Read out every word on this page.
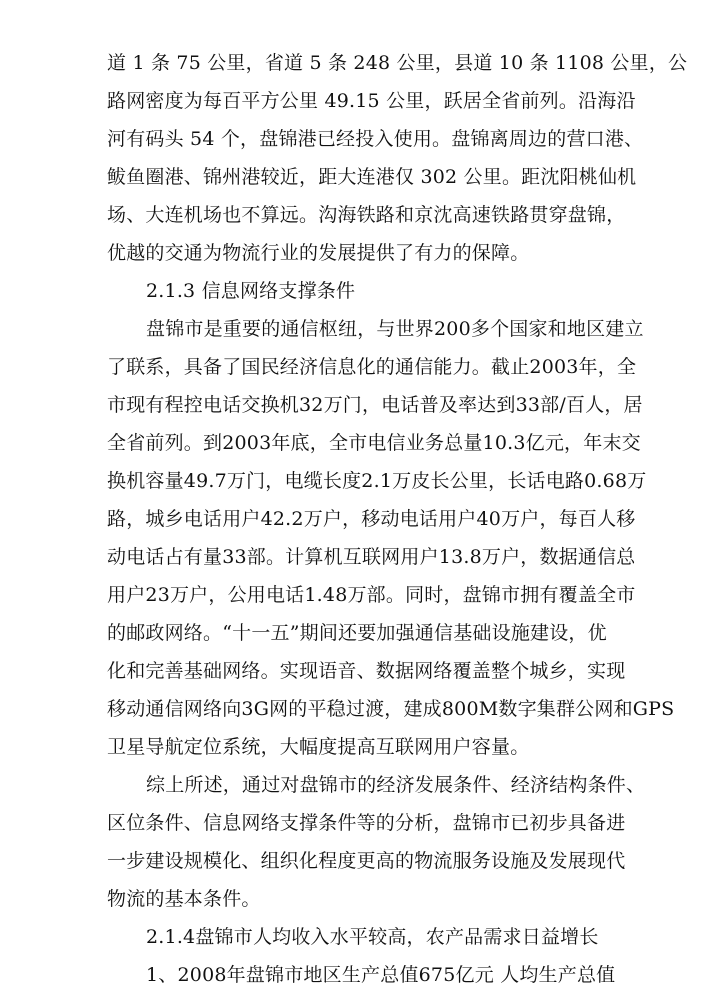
道 1 条 75 公里，省道 5 条 248 公里，县道 10 条 1108 公里，公
路网密度为每百平方公里 49.15 公里，跃居全省前列。沿海沿
河有码头 54 个，盘锦港已经投入使用。盘锦离周边的营口港、
鲅鱼圈港、锦州港较近，距大连港仅 302 公里。距沈阳桃仙机
场、大连机场也不算远。沟海铁路和京沈高速铁路贯穿盘锦，
优越的交通为物流行业的发展提供了有力的保障。
2.1.3 信息网络支撑条件
盘锦市是重要的通信枢纽，与世界200多个国家和地区建立
了联系，具备了国民经济信息化的通信能力。截止2003年，全
市现有程控电话交换机32万门，电话普及率达到33部/百人，居
全省前列。到2003年底，全市电信业务总量10.3亿元，年末交
换机容量49.7万门，电缆长度2.1万皮长公里，长话电路0.68万
路，城乡电话用户42.2万户，移动电话用户40万户，每百人移
动电话占有量33部。计算机互联网用户13.8万户，数据通信总
用户23万户，公用电话1.48万部。同时，盘锦市拥有覆盖全市
的邮政网络。“十一五”期间还要加强通信基础设施建设，优
化和完善基础网络。实现语音、数据网络覆盖整个城乡，实现
移动通信网络向3G网的平稳过渡，建成800M数字集群公网和GPS
卫星导航定位系统，大幅度提高互联网用户容量。
综上所述，通过对盘锦市的经济发展条件、经济结构条件、
区位条件、信息网络支撑条件等的分析，盘锦市已初步具备进
一步建设规模化、组织化程度更高的物流服务设施及发展现代
物流的基本条件。
2.1.4盘锦市人均收入水平较高，农产品需求日益增长
1、2008年盘锦市地区生产总值675亿元 人均生产总值
